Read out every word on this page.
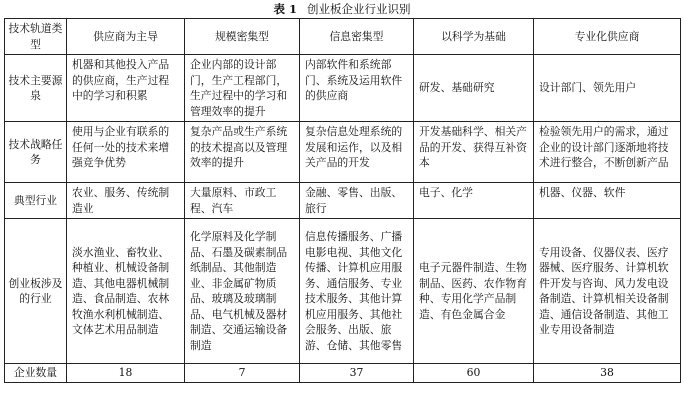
表 1 创业板企业行业识别
技术轨道类型	供应商为主导	规模密集型	信息密集型	以科学为基础	专业化供应商
技术主要源泉	机器和其他投入产品的供应商，生产过程中的学习和积累	企业内部的设计部门，生产工程部门，生产过程中的学习和管理效率的提升	内部软件和系统部门、系统及运用软件的供应商	研发、基础研究	设计部门、领先用户
技术战略任务	使用与企业有联系的任何一处的技术来增强竞争优势	复杂产品或生产系统的技术提高以及管理效率的提升	复杂信息处理系统的发展和运作，以及相关产品的开发	开发基础科学、相关产品的开发、获得互补资本	检验领先用户的需求，通过企业的设计部门逐渐地将技术进行整合，不断创新产品
典型行业	农业、服务、传统制造业	大量原料、市政工程、汽车	金融、零售、出版、旅行	电子、化学	机器、仪器、软件
创业板涉及的行业	淡水渔业、畜牧业、种植业、机械设备制造、其他电器机械制造、食品制造、农林牧渔水利机械制造、文体艺术用品制造	化学原料及化学制品、石墨及碳素制品纸制品、其他制造业、非金属矿物质品、玻璃及玻璃制品、电气机械及器材制造、交通运输设备制造	信息传播服务、广播电影电视、其他文化传播、计算机应用服务、通信服务、专业技术服务、其他计算机应用服务、其他社会服务、出版、旅游、仓储、其他零售	电子元器件制造、生物制品、医药、农作物育种、专用化学产品制造、有色金属合金	专用设备、仪器仪表、医疗器械、医疗服务、计算机软件开发与咨询、风力发电设备制造、计算机相关设备制造、通信设备制造、其他工业专用设备制造
企业数量	18	7	37	60	38
